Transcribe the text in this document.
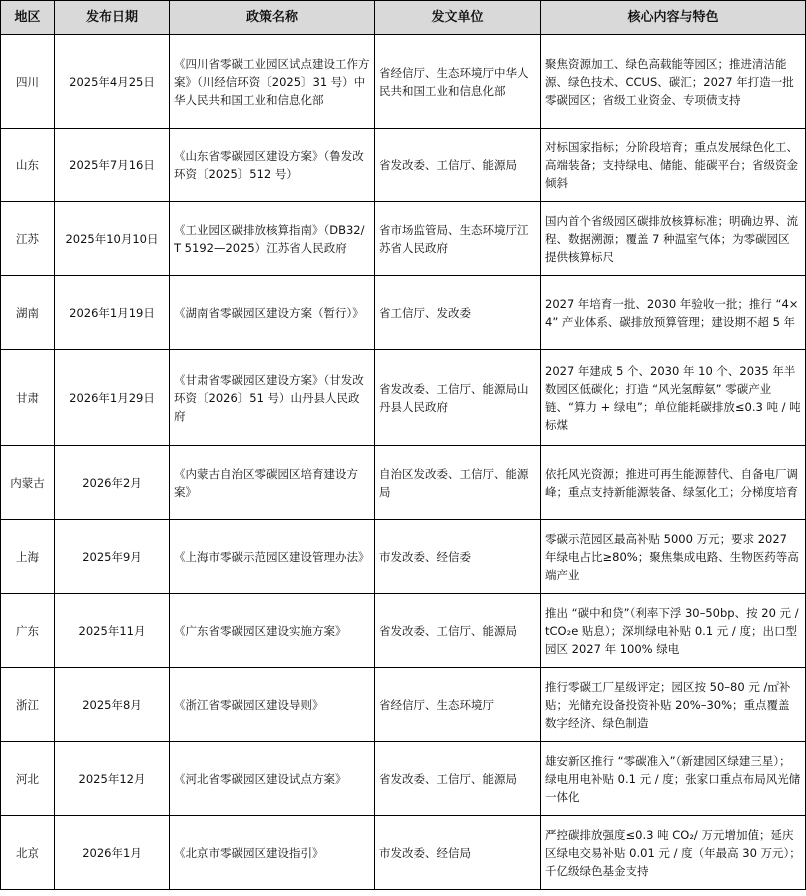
地区	发布日期	政策名称	发文单位	核心内容与特色
四川	2025年4月25日	《四川省零碳工业园区试点建设工作方案》（川经信环资〔2025〕31 号）中华人民共和国工业和信息化部	省经信厅、生态环境厅中华人民共和国工业和信息化部	聚焦资源加工、绿色高载能等园区；推进清洁能源、绿色技术、CCUS、碳汇；2027 年打造一批零碳园区；省级工业资金、专项债支持
山东	2025年7月16日	《山东省零碳园区建设方案》（鲁发改环资〔2025〕512 号）	省发改委、工信厅、能源局	对标国家指标；分阶段培育；重点发展绿色化工、高端装备；支持绿电、储能、能碳平台；省级资金倾斜
江苏	2025年10月10日	《工业园区碳排放核算指南》（DB32/T 5192—2025）江苏省人民政府	省市场监管局、生态环境厅江苏省人民政府	国内首个省级园区碳排放核算标准；明确边界、流程、数据溯源；覆盖 7 种温室气体；为零碳园区提供核算标尺
湖南	2026年1月19日	《湖南省零碳园区建设方案（暂行）》	省工信厅、发改委	2027 年培育一批、2030 年验收一批；推行 “4×4” 产业体系、碳排放预算管理；建设期不超 5 年
甘肃	2026年1月29日	《甘肃省零碳园区建设方案》（甘发改环资〔2026〕51 号）山丹县人民政府	省发改委、工信厅、能源局山丹县人民政府	2027 年建成 5 个、2030 年 10 个、2035 年半数园区低碳化；打造 “风光氢醇氨” 零碳产业链、“算力 + 绿电”；单位能耗碳排放≤0.3 吨 / 吨标煤
内蒙古	2026年2月	《内蒙古自治区零碳园区培育建设方案》	自治区发改委、工信厅、能源局	依托风光资源；推进可再生能源替代、自备电厂调峰；重点支持新能源装备、绿氢化工；分梯度培育
上海	2025年9月	《上海市零碳示范园区建设管理办法》	市发改委、经信委	零碳示范园区最高补贴 5000 万元；要求 2027 年绿电占比≥80%；聚焦集成电路、生物医药等高端产业
广东	2025年11月	《广东省零碳园区建设实施方案》	省发改委、工信厅、能源局	推出 “碳中和贷”（利率下浮 30–50bp、按 20 元 /tCO₂e 贴息）；深圳绿电补贴 0.1 元 / 度；出口型园区 2027 年 100% 绿电
浙江	2025年8月	《浙江省零碳园区建设导则》	省经信厅、生态环境厅	推行零碳工厂星级评定；园区按 50–80 元 /㎡补贴；光储充设备投资补贴 20%–30%；重点覆盖数字经济、绿色制造
河北	2025年12月	《河北省零碳园区建设试点方案》	省发改委、工信厅、能源局	雄安新区推行 “零碳准入”（新建园区绿建三星）；绿电用电补贴 0.1 元 / 度；张家口重点布局风光储一体化
北京	2026年1月	《北京市零碳园区建设指引》	市发改委、经信局	严控碳排放强度≤0.3 吨 CO₂/ 万元增加值；延庆区绿电交易补贴 0.01 元 / 度（年最高 30 万元）；千亿级绿色基金支持
